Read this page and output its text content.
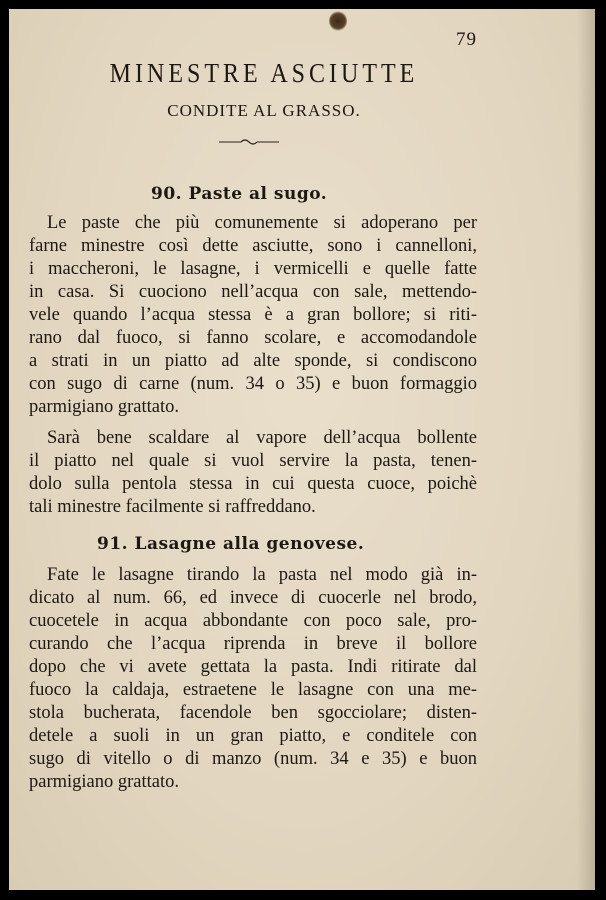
79
MINESTRE ASCIUTTE
CONDITE AL GRASSO.
90. Paste al sugo.
Le paste che più comunemente si adoperano per
farne minestre così dette asciutte, sono i cannelloni,
i maccheroni, le lasagne, i vermicelli e quelle fatte
in casa. Si cuociono nell’acqua con sale, mettendo-
vele quando l’acqua stessa è a gran bollore; si riti-
rano dal fuoco, si fanno scolare, e accomodandole
a strati in un piatto ad alte sponde, si condiscono
con sugo di carne (num. 34 o 35) e buon formaggio
parmigiano grattato.
Sarà bene scaldare al vapore dell’acqua bollente
il piatto nel quale si vuol servire la pasta, tenen-
dolo sulla pentola stessa in cui questa cuoce, poichè
tali minestre facilmente si raffreddano.
91. Lasagne alla genovese.
Fate le lasagne tirando la pasta nel modo già in-
dicato al num. 66, ed invece di cuocerle nel brodo,
cuocetele in acqua abbondante con poco sale, pro-
curando che l’acqua riprenda in breve il bollore
dopo che vi avete gettata la pasta. Indi ritirate dal
fuoco la caldaja, estraetene le lasagne con una me-
stola bucherata, facendole ben sgocciolare; disten-
detele a suoli in un gran piatto, e conditele con
sugo di vitello o di manzo (num. 34 e 35) e buon
parmigiano grattato.
